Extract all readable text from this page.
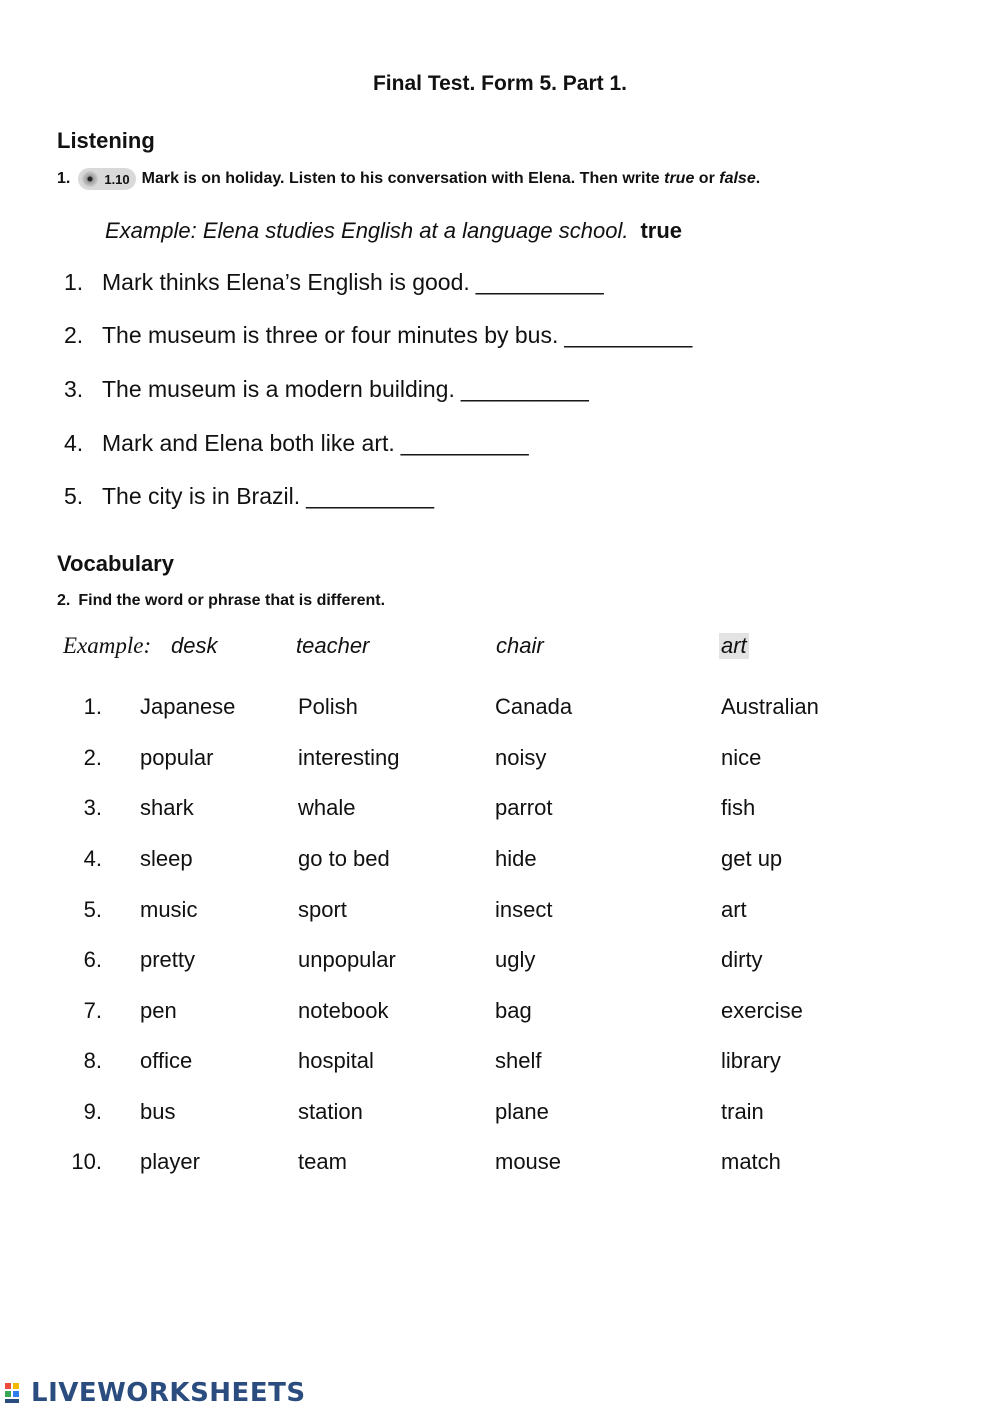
Final Test. Form 5. Part 1.
Listening
1.	1.10 Mark is on holiday. Listen to his conversation with Elena. Then write true or false.
Example: Elena studies English at a language school. true
1. Mark thinks Elena’s English is good. __________
2. The museum is three or four minutes by bus. __________
3. The museum is a modern building. __________
4. Mark and Elena both like art. __________
5. The city is in Brazil. __________
Vocabulary
2. Find the word or phrase that is different.
Example: desk	teacher	chair	art
1. Japanese	Polish	Canada	Australian
2. popular	interesting	noisy	nice
3. shark	whale	parrot	fish
4. sleep	go to bed	hide	get up
5. music	sport	insect	art
6. pretty	unpopular	ugly	dirty
7. pen	notebook	bag	exercise
8. office	hospital	shelf	library
9. bus	station	plane	train
10. player	team	mouse	match
LIVEWORKSHEETS
